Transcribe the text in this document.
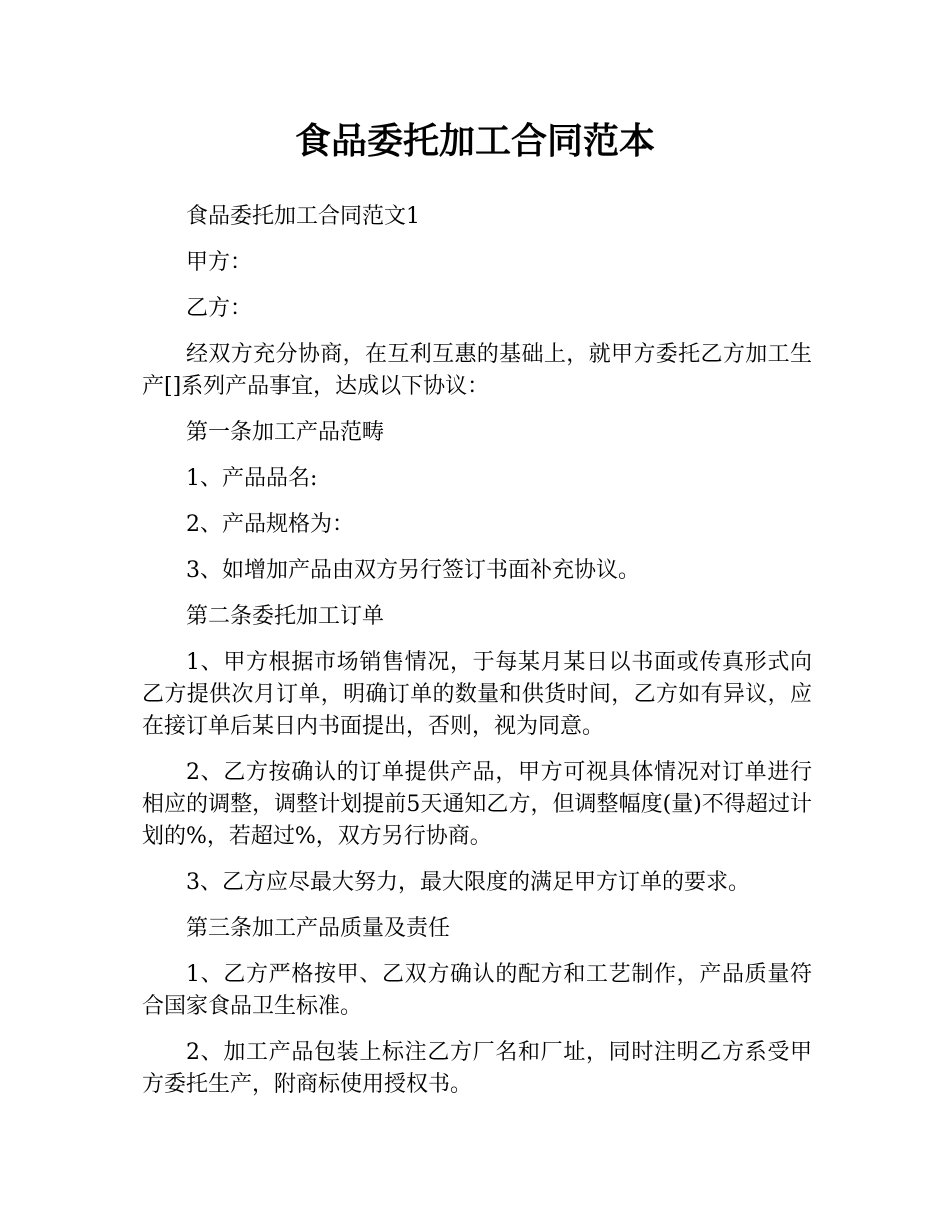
食品委托加工合同范本

食品委托加工合同范文1

甲方：

乙方：

经双方充分协商，在互利互惠的基础上，就甲方委托乙方加工生产[]系列产品事宜，达成以下协议：

第一条加工产品范畴

1、产品品名:

2、产品规格为：

3、如增加产品由双方另行签订书面补充协议。

第二条委托加工订单

1、甲方根据市场销售情况，于每某月某日以书面或传真形式向乙方提供次月订单，明确订单的数量和供货时间，乙方如有异议，应在接订单后某日内书面提出，否则，视为同意。

2、乙方按确认的订单提供产品，甲方可视具体情况对订单进行相应的调整，调整计划提前5天通知乙方，但调整幅度(量)不得超过计划的%，若超过%，双方另行协商。

3、乙方应尽最大努力，最大限度的满足甲方订单的要求。

第三条加工产品质量及责任

1、乙方严格按甲、乙双方确认的配方和工艺制作，产品质量符合国家食品卫生标准。

2、加工产品包装上标注乙方厂名和厂址，同时注明乙方系受甲方委托生产，附商标使用授权书。
